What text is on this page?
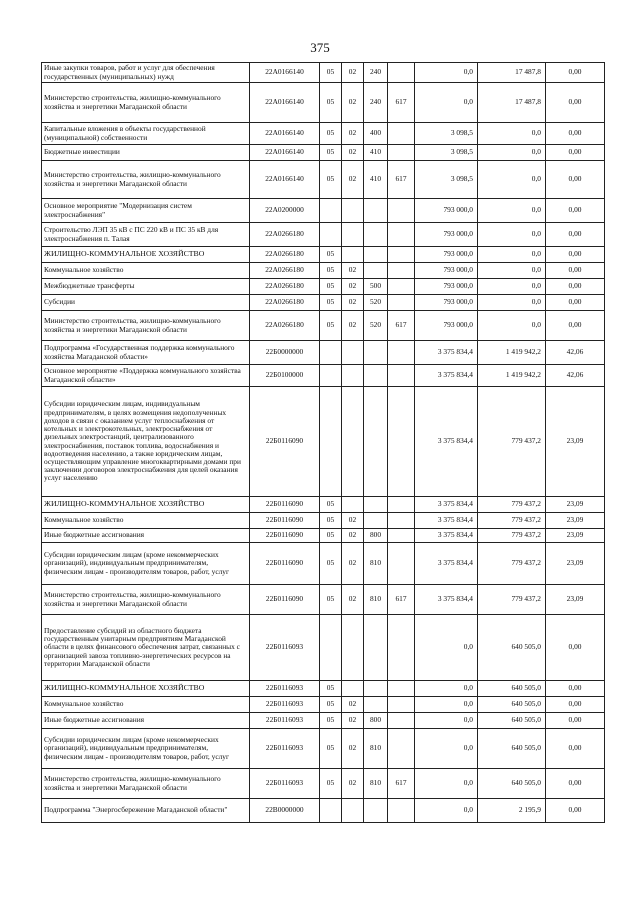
375
Иные закупки товаров, работ и услуг для обеспечения государственных (муниципальных) нужд	22А0166140	05	02	240		0,0	17 487,8	0,00
Министерство строительства, жилищно-коммунального хозяйства и энергетики Магаданской области	22А0166140	05	02	240	617	0,0	17 487,8	0,00
Капитальные вложения в объекты государственной (муниципальной) собственности	22А0166140	05	02	400		3 098,5	0,0	0,00
Бюджетные инвестиции	22А0166140	05	02	410		3 098,5	0,0	0,00
Министерство строительства, жилищно-коммунального хозяйства и энергетики Магаданской области	22А0166140	05	02	410	617	3 098,5	0,0	0,00
Основное мероприятие "Модернизация систем электроснабжения"	22А0200000					793 000,0	0,0	0,00
Строительство ЛЭП 35 кВ с ПС 220 кВ и ПС 35 кВ для электроснабжения п. Талая	22А0266180					793 000,0	0,0	0,00
ЖИЛИЩНО-КОММУНАЛЬНОЕ ХОЗЯЙСТВО	22А0266180	05				793 000,0	0,0	0,00
Коммунальное хозяйство	22А0266180	05	02			793 000,0	0,0	0,00
Межбюджетные трансферты	22А0266180	05	02	500		793 000,0	0,0	0,00
Субсидии	22А0266180	05	02	520		793 000,0	0,0	0,00
Министерство строительства, жилищно-коммунального хозяйства и энергетики Магаданской области	22А0266180	05	02	520	617	793 000,0	0,0	0,00
Подпрограмма «Государственная поддержка коммунального хозяйства Магаданской области»	22Б0000000					3 375 834,4	1 419 942,2	42,06
Основное мероприятие «Поддержка коммунального хозяйства Магаданской области»	22Б0100000					3 375 834,4	1 419 942,2	42,06
Субсидии юридическим лицам, индивидуальным предпринимателям, в целях возмещения недополученных доходов в связи с оказанием услуг теплоснабжения от котельных и электрокотельных, электроснабжения от дизельных электростанций, централизованного электроснабжения, поставок топлива, водоснабжения и водоотведения населению, а также юридическим лицам, осуществляющим управление многоквартирными домами при заключении договоров электроснабжения для целей оказания услуг населению	22Б0116090					3 375 834,4	779 437,2	23,09
ЖИЛИЩНО-КОММУНАЛЬНОЕ ХОЗЯЙСТВО	22Б0116090	05				3 375 834,4	779 437,2	23,09
Коммунальное хозяйство	22Б0116090	05	02			3 375 834,4	779 437,2	23,09
Иные бюджетные ассигнования	22Б0116090	05	02	800		3 375 834,4	779 437,2	23,09
Субсидии юридическим лицам (кроме некоммерческих организаций), индивидуальным предпринимателям, физическим лицам - производителям товаров, работ, услуг	22Б0116090	05	02	810		3 375 834,4	779 437,2	23,09
Министерство строительства, жилищно-коммунального хозяйства и энергетики Магаданской области	22Б0116090	05	02	810	617	3 375 834,4	779 437,2	23,09
Предоставление субсидий из областного бюджета государственным унитарным предприятиям Магаданской области в целях финансового обеспечения затрат, связанных с организацией завоза топливно-энергетических ресурсов на территории Магаданской области	22Б0116093					0,0	640 505,0	0,00
ЖИЛИЩНО-КОММУНАЛЬНОЕ ХОЗЯЙСТВО	22Б0116093	05				0,0	640 505,0	0,00
Коммунальное хозяйство	22Б0116093	05	02			0,0	640 505,0	0,00
Иные бюджетные ассигнования	22Б0116093	05	02	800		0,0	640 505,0	0,00
Субсидии юридическим лицам (кроме некоммерческих организаций), индивидуальным предпринимателям, физическим лицам - производителям товаров, работ, услуг	22Б0116093	05	02	810		0,0	640 505,0	0,00
Министерство строительства, жилищно-коммунального хозяйства и энергетики Магаданской области	22Б0116093	05	02	810	617	0,0	640 505,0	0,00
Подпрограмма "Энергосбережение Магаданской области"	22В0000000					0,0	2 195,9	0,00
